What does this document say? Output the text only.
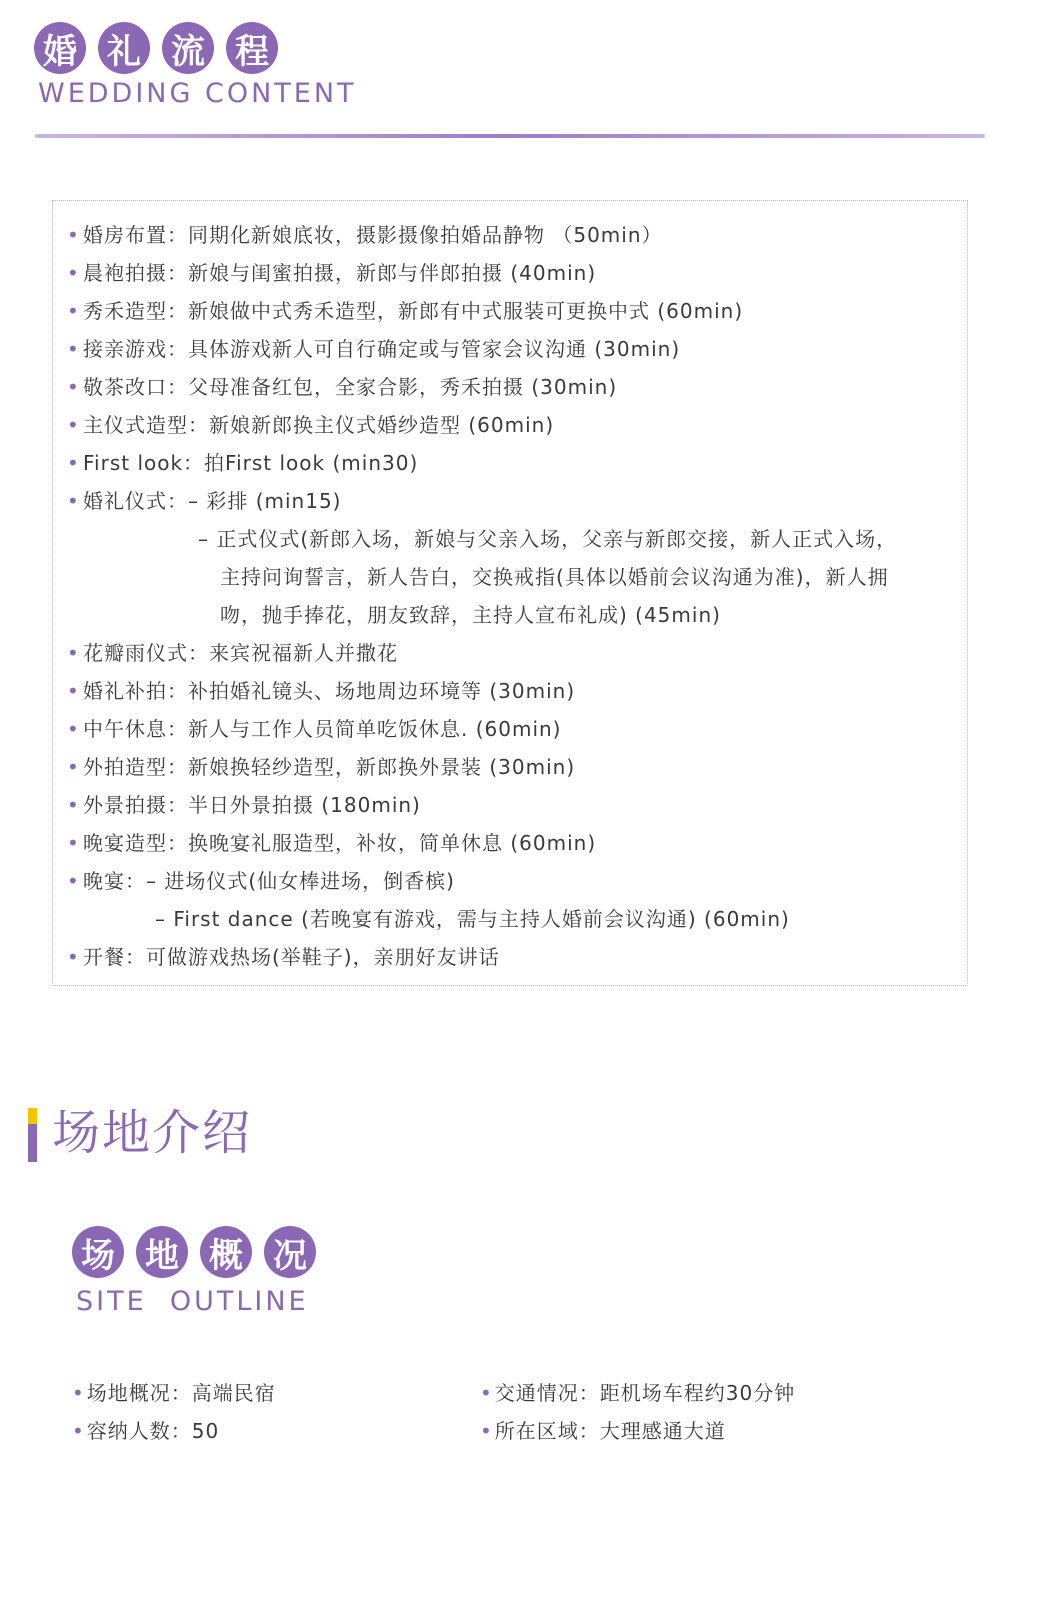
婚 礼 流 程
WEDDING CONTENT
• 婚房布置：同期化新娘底妆，摄影摄像拍婚品静物 （50min）
• 晨袍拍摄：新娘与闺蜜拍摄，新郎与伴郎拍摄 (40min)
• 秀禾造型：新娘做中式秀禾造型，新郎有中式服装可更换中式 (60min)
• 接亲游戏：具体游戏新人可自行确定或与管家会议沟通 (30min)
• 敬茶改口：父母准备红包，全家合影，秀禾拍摄 (30min)
• 主仪式造型：新娘新郎换主仪式婚纱造型 (60min)
• First look：拍First look (min30)
• 婚礼仪式：– 彩排 (min15)
– 正式仪式(新郎入场，新娘与父亲入场，父亲与新郎交接，新人正式入场，
主持问询誓言，新人告白，交换戒指(具体以婚前会议沟通为准)，新人拥
吻，抛手捧花，朋友致辞，主持人宣布礼成) (45min)
• 花瓣雨仪式：来宾祝福新人并撒花
• 婚礼补拍：补拍婚礼镜头、场地周边环境等 (30min)
• 中午休息：新人与工作人员简单吃饭休息. (60min)
• 外拍造型：新娘换轻纱造型，新郎换外景装 (30min)
• 外景拍摄：半日外景拍摄 (180min)
• 晚宴造型：换晚宴礼服造型，补妆，简单休息 (60min)
• 晚宴：– 进场仪式(仙女棒进场，倒香槟)
– First dance (若晚宴有游戏，需与主持人婚前会议沟通) (60min)
• 开餐：可做游戏热场(举鞋子)，亲朋好友讲话
场地介绍
场 地 概 况
SITE  OUTLINE
• 场地概况：高端民宿
• 容纳人数：50
• 交通情况：距机场车程约30分钟
• 所在区域：大理感通大道
